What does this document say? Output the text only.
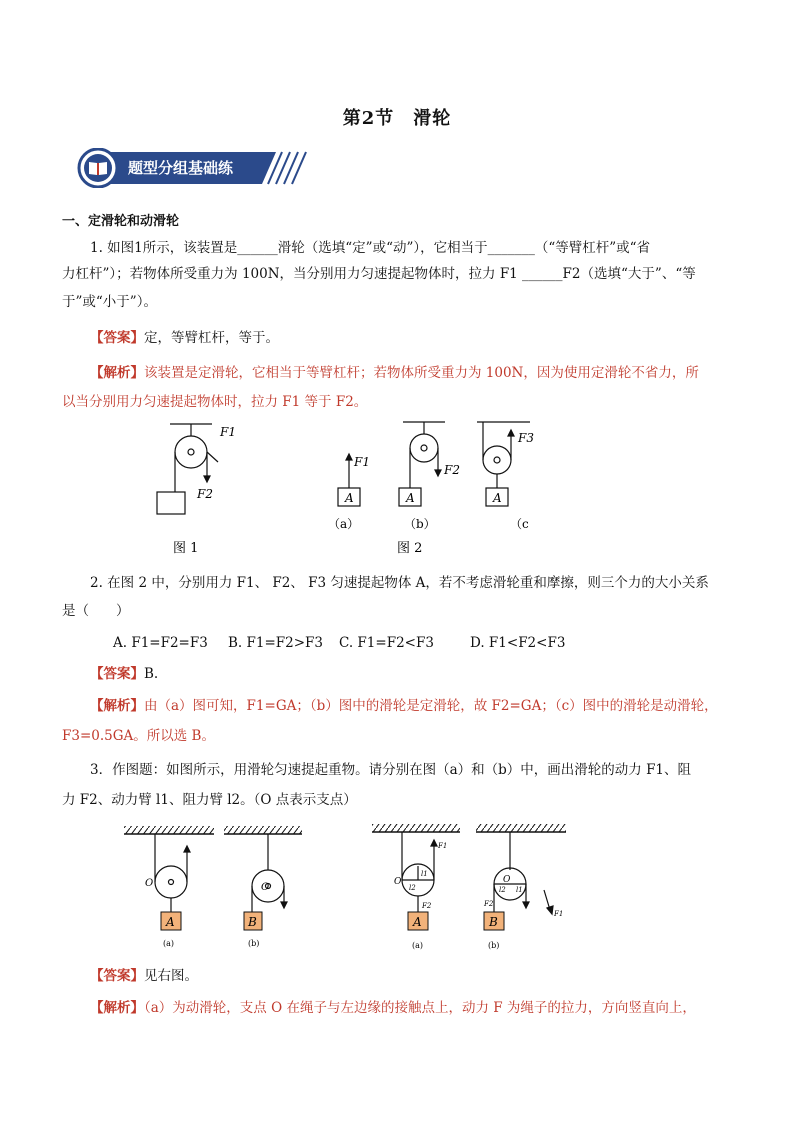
第2节　滑轮
题型分组基础练
一、定滑轮和动滑轮
1. 如图1所示，该装置是______滑轮（选填“定”或“动”），它相当于_______（“等臂杠杆”或“省
力杠杆”）；若物体所受重力为 100N，当分别用力匀速提起物体时，拉力 F1 ______F2（选填“大于”、“等
于”或“小于”）。
【答案】定，等臂杠杆，等于。
【解析】该装置是定滑轮，它相当于等臂杠杆；若物体所受重力为 100N，因为使用定滑轮不省力，所
以当分别用力匀速提起物体时，拉力 F1 等于 F2。
F1
F2
F1
A
F2
A
F3
A
（a）	（b）	（c
图 1	图 2
2. 在图 2 中，分别用力 F1、 F2、 F3 匀速提起物体 A，若不考虑滑轮重和摩擦，则三个力的大小关系
是（　　）
A. F1=F2=F3	B. F1=F2>F3	C. F1=F2<F3	D. F1<F2<F3
【答案】B.
【解析】由（a）图可知，F1=GA；（b）图中的滑轮是定滑轮，故 F2=GA；（c）图中的滑轮是动滑轮，
F3=0.5GA。所以选 B。
3．作图题：如图所示，用滑轮匀速提起重物。请分别在图（a）和（b）中，画出滑轮的动力 F1、阻
力 F2、动力臂 l1、阻力臂 l2。（O 点表示支点）
A	B	A	B
O	O	O	O
F1
F2
l1
l2
F2
F1
l2 l1
(a)	(b)	(a)	(b)
【答案】见右图。
【解析】（a）为动滑轮，支点 O 在绳子与左边缘的接触点上，动力 F 为绳子的拉力，方向竖直向上，
